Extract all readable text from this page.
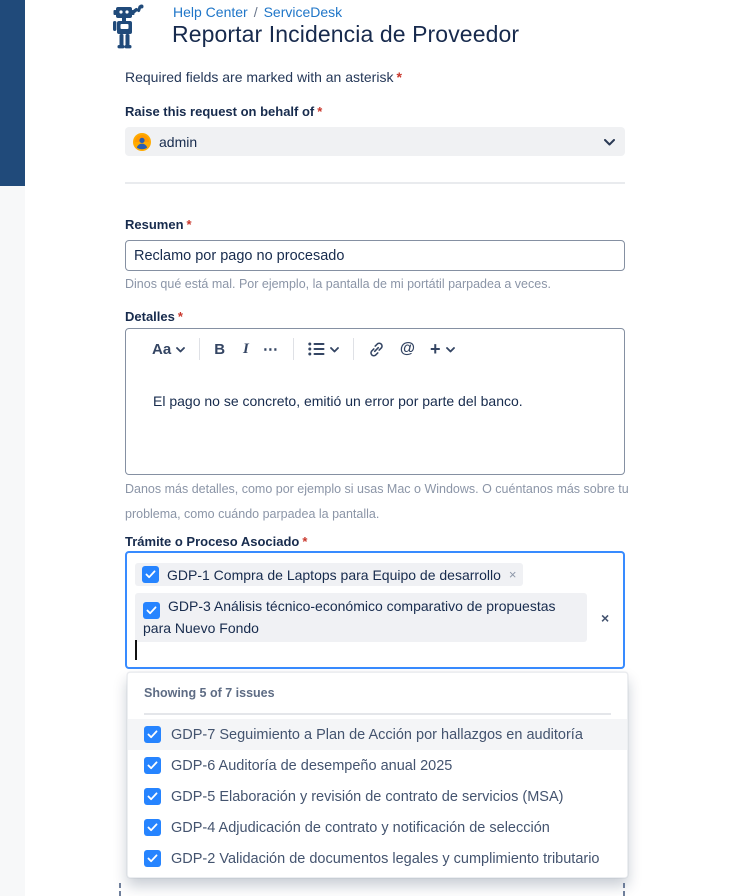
Help Center / ServiceDesk
Reportar Incidencia de Proveedor
Required fields are marked with an asterisk *
Raise this request on behalf of *
admin
Resumen *
Reclamo por pago no procesado
Dinos qué está mal. Por ejemplo, la pantalla de mi portátil parpadea a veces.
Detalles *
Aa	B I ⋯	@ +
El pago no se concreto, emitió un error por parte del banco.
Danos más detalles, como por ejemplo si usas Mac o Windows. O cuéntanos más sobre tu problema, como cuándo parpadea la pantalla.
Trámite o Proceso Asociado *
GDP-1 Compra de Laptops para Equipo de desarrollo ×
GDP-3 Análisis técnico-económico comparativo de propuestas para Nuevo Fondo
×
Showing 5 of 7 issues
GDP-7 Seguimiento a Plan de Acción por hallazgos en auditoría
GDP-6 Auditoría de desempeño anual 2025
GDP-5 Elaboración y revisión de contrato de servicios (MSA)
GDP-4 Adjudicación de contrato y notificación de selección
GDP-2 Validación de documentos legales y cumplimiento tributario
